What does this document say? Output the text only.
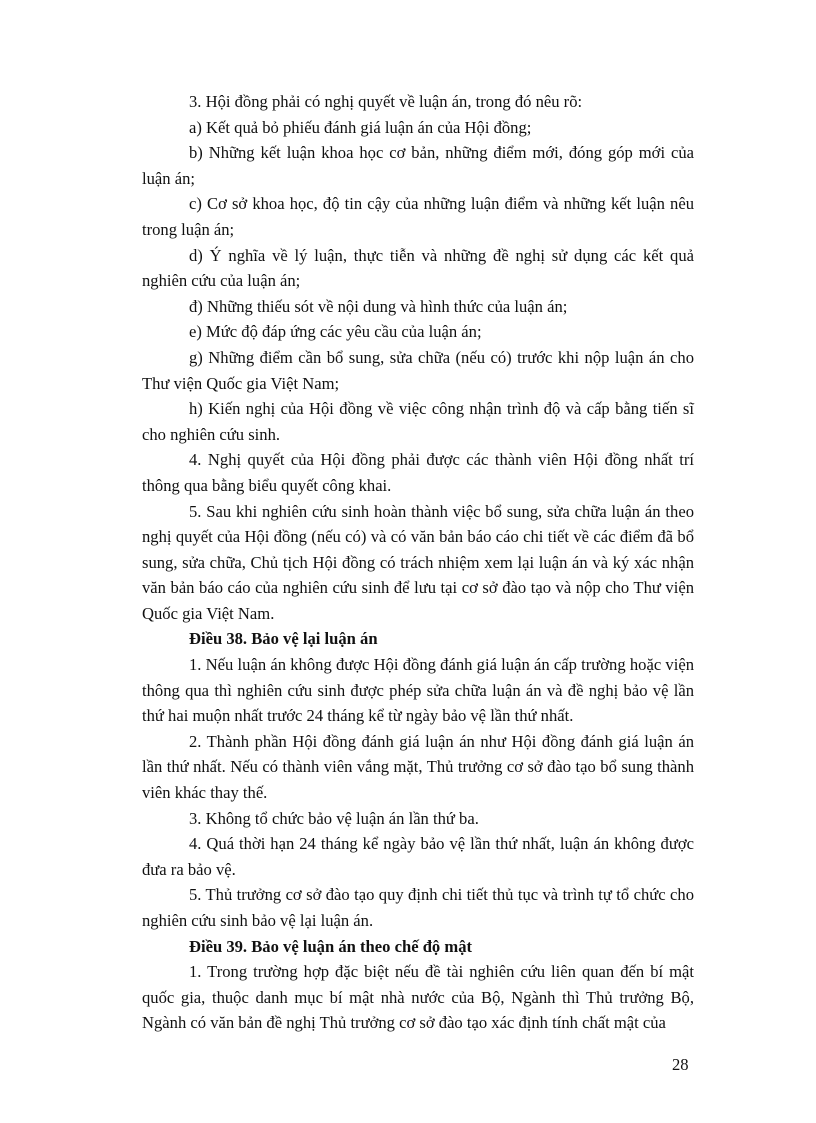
3. Hội đồng phải có nghị quyết về luận án, trong đó nêu rõ:

a) Kết quả bỏ phiếu đánh giá luận án của Hội đồng;

b) Những kết luận khoa học cơ bản, những điểm mới, đóng góp mới của luận án;

c) Cơ sở khoa học, độ tin cậy của những luận điểm và những kết luận nêu trong luận án;

d) Ý nghĩa về lý luận, thực tiễn và những đề nghị sử dụng các kết quả nghiên cứu của luận án;

đ) Những thiếu sót về nội dung và hình thức của luận án;

e) Mức độ đáp ứng các yêu cầu của luận án;

g) Những điểm cần bổ sung, sửa chữa (nếu có) trước khi nộp luận án cho Thư viện Quốc gia Việt Nam;

h) Kiến nghị của Hội đồng về việc công nhận trình độ và cấp bằng tiến sĩ cho nghiên cứu sinh.

4. Nghị quyết của Hội đồng phải được các thành viên Hội đồng nhất trí thông qua bằng biểu quyết công khai.

5. Sau khi nghiên cứu sinh hoàn thành việc bổ sung, sửa chữa luận án theo nghị quyết của Hội đồng (nếu có) và có văn bản báo cáo chi tiết về các điểm đã bổ sung, sửa chữa, Chủ tịch Hội đồng có trách nhiệm xem lại luận án và ký xác nhận văn bản báo cáo của nghiên cứu sinh để lưu tại cơ sở đào tạo và nộp cho Thư viện Quốc gia Việt Nam.

Điều 38. Bảo vệ lại luận án

1. Nếu luận án không được Hội đồng đánh giá luận án cấp trường hoặc viện thông qua thì nghiên cứu sinh được phép sửa chữa luận án và đề nghị bảo vệ lần thứ hai muộn nhất trước 24 tháng kể từ ngày bảo vệ lần thứ nhất.

2. Thành phần Hội đồng đánh giá luận án như Hội đồng đánh giá luận án lần thứ nhất. Nếu có thành viên vắng mặt, Thủ trưởng cơ sở đào tạo bổ sung thành viên khác thay thế.

3. Không tổ chức bảo vệ luận án lần thứ ba.

4. Quá thời hạn 24 tháng kể ngày bảo vệ lần thứ nhất, luận án không được đưa ra bảo vệ.

5. Thủ trưởng cơ sở đào tạo quy định chi tiết thủ tục và trình tự tổ chức cho nghiên cứu sinh bảo vệ lại luận án.

Điều 39. Bảo vệ luận án theo chế độ mật

1. Trong trường hợp đặc biệt nếu đề tài nghiên cứu liên quan đến bí mật quốc gia, thuộc danh mục bí mật nhà nước của Bộ, Ngành thì Thủ trưởng Bộ, Ngành có văn bản đề nghị Thủ trưởng cơ sở đào tạo xác định tính chất mật của

28
